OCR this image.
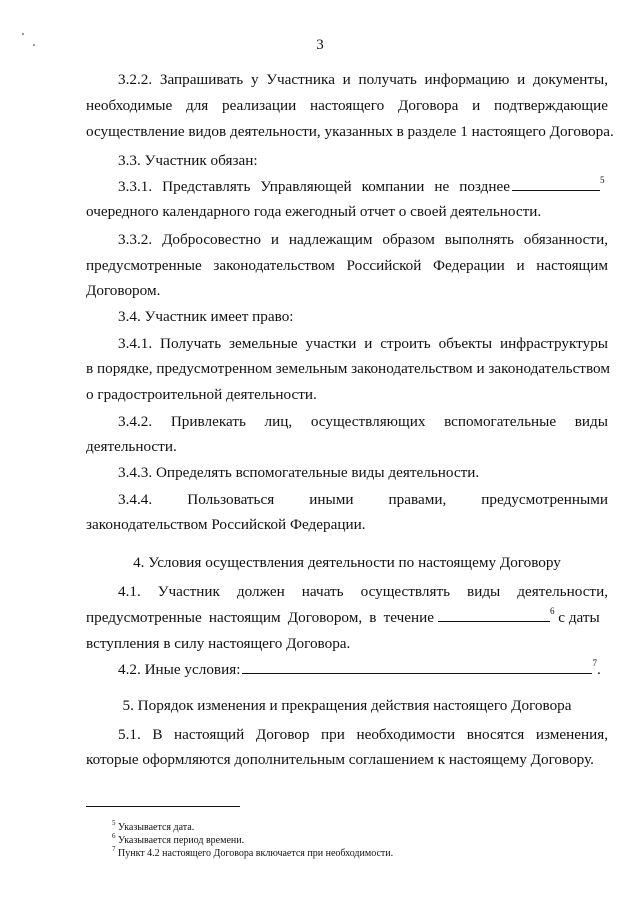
3
3.2.2. Запрашивать у Участника и получать информацию и документы,
необходимые для реализации настоящего Договора и подтверждающие
осуществление видов деятельности, указанных в разделе 1 настоящего Договора.
3.3. Участник обязан:
3.3.1. Представлять Управляющей компании не позднее	$^5$
очередного календарного года ежегодный отчет о своей деятельности.
3.3.2. Добросовестно и надлежащим образом выполнять обязанности,
предусмотренные законодательством Российской Федерации и настоящим
Договором.
3.4. Участник имеет право:
3.4.1. Получать земельные участки и строить объекты инфраструктуры
в порядке, предусмотренном земельным законодательством и законодательством
о градостроительной деятельности.
3.4.2. Привлекать лиц, осуществляющих вспомогательные виды
деятельности.
3.4.3. Определять вспомогательные виды деятельности.
3.4.4. Пользоваться иными правами, предусмотренными
законодательством Российской Федерации.
4. Условия осуществления деятельности по настоящему Договору
4.1. Участник должен начать осуществлять виды деятельности,
предусмотренные настоящим Договором, в течение	$^6$ с даты
вступления в силу настоящего Договора.
4.2. Иные условия:	$^7$.
5. Порядок изменения и прекращения действия настоящего Договора
5.1. В настоящий Договор при необходимости вносятся изменения,
которые оформляются дополнительным соглашением к настоящему Договору.
$^5$ Указывается дата.
$^6$ Указывается период времени.
$^7$ Пункт 4.2 настоящего Договора включается при необходимости.
